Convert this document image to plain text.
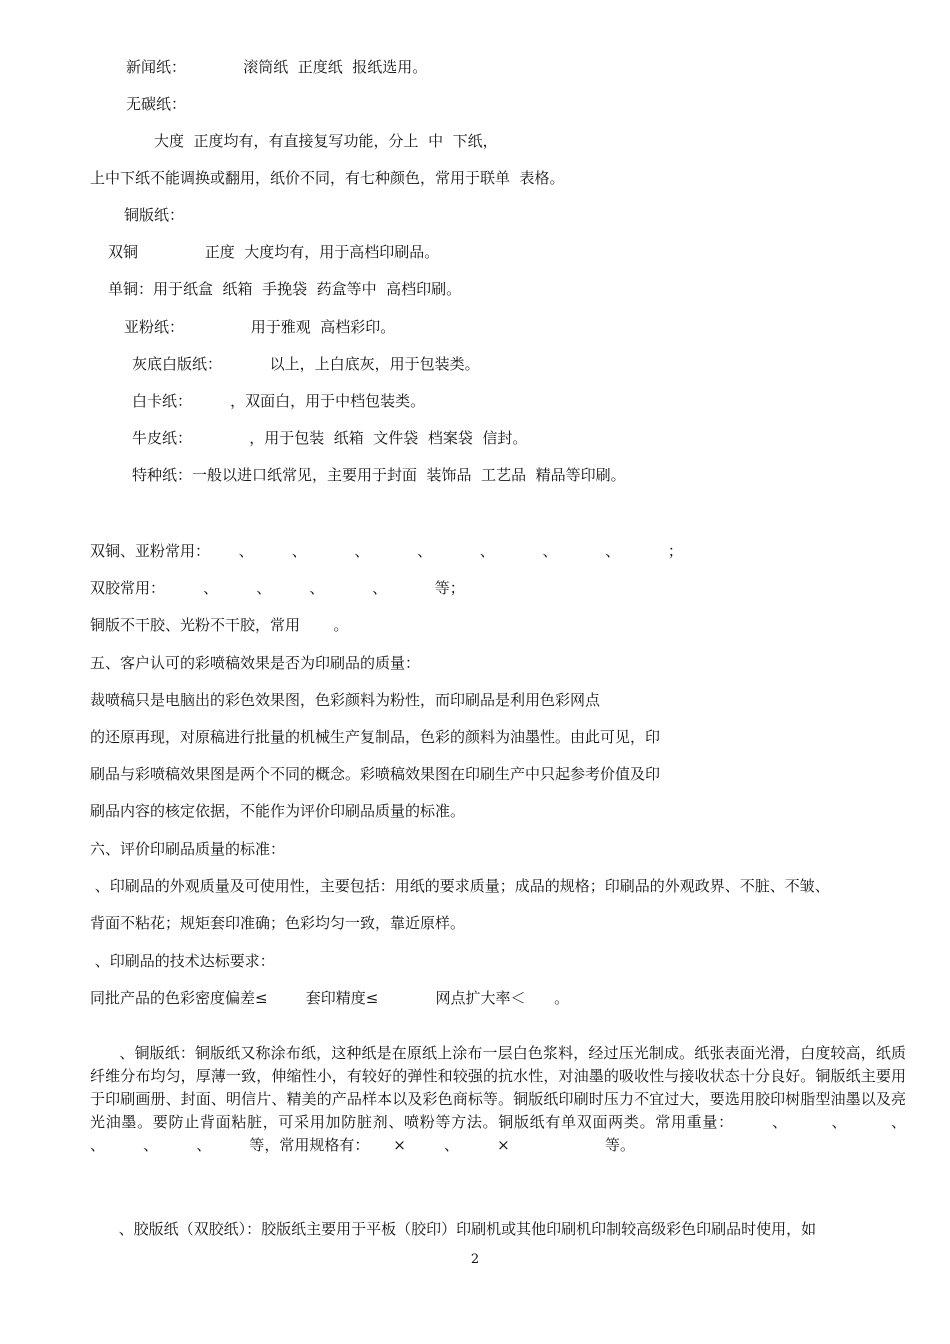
新闻纸：            滚筒纸  正度纸  报纸选用。
无碳纸：
大度  正度均有，有直接复写功能，分上  中  下纸，
上中下纸不能调换或翻用，纸价不同，有七种颜色，常用于联单  表格。
铜版纸：
双铜              正度  大度均有，用于高档印刷品。
单铜：用于纸盒  纸箱  手挽袋  药盒等中  高档印刷。
亚粉纸：              用于雅观  高档彩印。
灰底白版纸：          以上，上白底灰，用于包装类。
白卡纸：        ，双面白，用于中档包装类。
牛皮纸：            ，用于包装  纸箱  文件袋  档案袋  信封。
特种纸：一般以进口纸常见，主要用于封面  装饰品  工艺品  精品等印刷。
双铜、亚粉常用：      、        、          、          、          、          、          、          ；
双胶常用：        、        、        、          、          等；
铜版不干胶、光粉不干胶，常用       。
五、客户认可的彩喷稿效果是否为印刷品的质量：
裁喷稿只是电脑出的彩色效果图，色彩颜料为粉性，而印刷品是利用色彩网点
的还原再现，对原稿进行批量的机械生产复制品，色彩的颜料为油墨性。由此可见，印
刷品与彩喷稿效果图是两个不同的概念。彩喷稿效果图在印刷生产中只起参考价值及印
刷品内容的核定依据，不能作为评价印刷品质量的标准。
六、评价印刷品质量的标准：
、印刷品的外观质量及可使用性，主要包括：用纸的要求质量；成品的规格；印刷品的外观政界、不脏、不皱、
背面不粘花；规矩套印准确；色彩均匀一致，靠近原样。
、印刷品的技术达标要求：
同批产品的色彩密度偏差≤        套印精度≤            网点扩大率＜      。
、铜版纸：铜版纸又称涂布纸，这种纸是在原纸上涂布一层白色浆料，经过压光制成。纸张表面光滑，白度较高，纸质纤维分布均匀，厚薄一致，伸缩性小，有较好的弹性和较强的抗水性，对油墨的吸收性与接收状态十分良好。铜版纸主要用于印刷画册、封面、明信片、精美的产品样本以及彩色商标等。铜版纸印刷时压力不宜过大，要选用胶印树脂型油墨以及亮光油墨。要防止背面粘脏，可采用加防脏剂、喷粉等方法。铜版纸有单双面两类。常用重量：       、        、        、        、        、        、        等，常用规格有：     ×        、        ×                    等。
、胶版纸（双胶纸）：胶版纸主要用于平板（胶印）印刷机或其他印刷机印制较高级彩色印刷品时使用，如
2
